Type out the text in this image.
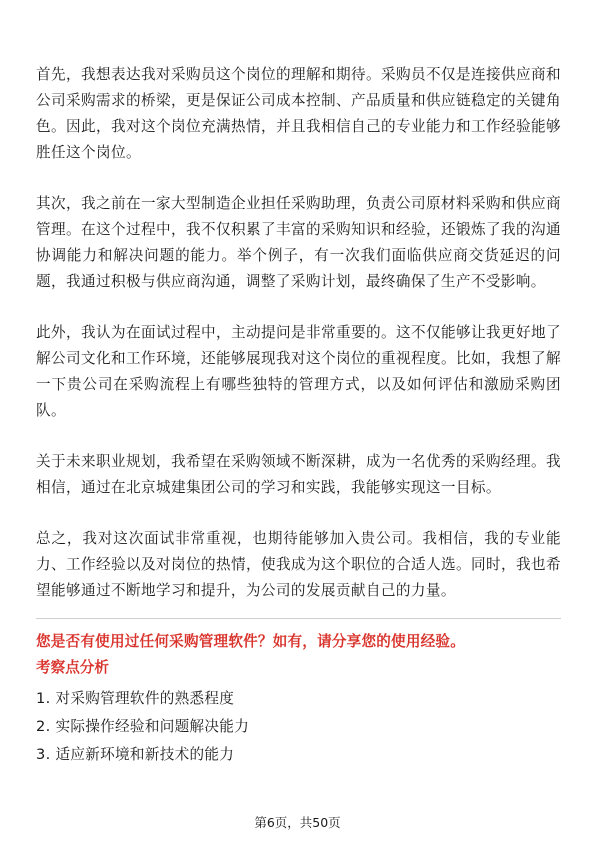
首先，我想表达我对采购员这个岗位的理解和期待。采购员不仅是连接供应商和公司采购需求的桥梁，更是保证公司成本控制、产品质量和供应链稳定的关键角色。因此，我对这个岗位充满热情，并且我相信自己的专业能力和工作经验能够胜任这个岗位。

其次，我之前在一家大型制造企业担任采购助理，负责公司原材料采购和供应商管理。在这个过程中，我不仅积累了丰富的采购知识和经验，还锻炼了我的沟通协调能力和解决问题的能力。举个例子，有一次我们面临供应商交货延迟的问题，我通过积极与供应商沟通，调整了采购计划，最终确保了生产不受影响。

此外，我认为在面试过程中，主动提问是非常重要的。这不仅能够让我更好地了解公司文化和工作环境，还能够展现我对这个岗位的重视程度。比如，我想了解一下贵公司在采购流程上有哪些独特的管理方式，以及如何评估和激励采购团队。

关于未来职业规划，我希望在采购领域不断深耕，成为一名优秀的采购经理。我相信，通过在北京城建集团公司的学习和实践，我能够实现这一目标。

总之，我对这次面试非常重视，也期待能够加入贵公司。我相信，我的专业能力、工作经验以及对岗位的热情，使我成为这个职位的合适人选。同时，我也希望能够通过不断地学习和提升，为公司的发展贡献自己的力量。

您是否有使用过任何采购管理软件？如有，请分享您的使用经验。

考察点分析

1. 对采购管理软件的熟悉程度
2. 实际操作经验和问题解决能力
3. 适应新环境和新技术的能力
第6页，共50页
